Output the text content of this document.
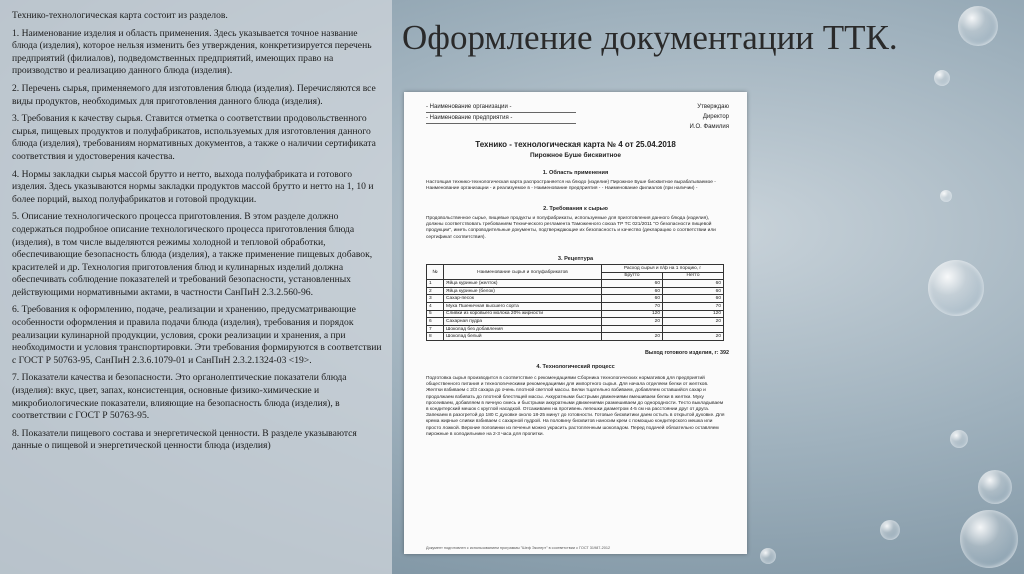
Технико-технологическая карта состоит из разделов.

1. Наименование изделия и область применения. Здесь указывается точное название блюда (изделия), которое нельзя изменить без утверждения, конкретизируется перечень предприятий (филиалов), подведомственных предприятий, имеющих право на производство и реализацию данного блюда (изделия).

2. Перечень сырья, применяемого для изготовления блюда (изделия). Перечисляются все виды продуктов, необходимых для приготовления данного блюда (изделия).

3. Требования к качеству сырья. Ставится отметка о соответствии продовольственного сырья, пищевых продуктов и полуфабрикатов, используемых для изготовления данного блюда (изделия), требованиям нормативных документов, а также о наличии сертификата соответствия и удостоверения качества.

4. Нормы закладки сырья массой брутто и нетто, выхода полуфабриката и готового изделия. Здесь указываются нормы закладки продуктов массой брутто и нетто на 1, 10 и более порций, выход полуфабрикатов и готовой продукции.

5. Описание технологического процесса приготовления. В этом разделе должно содержаться подробное описание технологического процесса приготовления блюда (изделия), в том числе выделяются режимы холодной и тепловой обработки, обеспечивающие безопасность блюда (изделия), а также применение пищевых добавок, красителей и др. Технология приготовления блюд и кулинарных изделий должна обеспечивать соблюдение показателей и требований безопасности, установленных действующими нормативными актами, в частности СанПиН 2.3.2.560-96.

6. Требования к оформлению, подаче, реализации и хранению, предусматривающие особенности оформления и правила подачи блюда (изделия), требования и порядок реализации кулинарной продукции, условия, сроки реализации и хранения, а при необходимости и условия транспортировки. Эти требования формируются в соответствии с ГОСТ Р 50763-95, СанПиН 2.3.6.1079-01 и СанПиН 2.3.2.1324-03 <19>.

7. Показатели качества и безопасности. Это органолептические показатели блюда (изделия): вкус, цвет, запах, консистенция, основные физико-химические и микробиологические показатели, влияющие на безопасность блюда (изделия), в соответствии с ГОСТ Р 50763-95.

8. Показатели пищевого состава и энергетической ценности. В разделе указываются данные о пищевой и энергетической ценности блюда (изделия)

Оформление документации ТТК.
- Наименование организации -
- Наименование предприятия -
Утверждаю
Директор
И.О. Фамилия
Технико - технологическая карта № 4 от 25.04.2018
Пирожное Буше бисквитное
1. Область применения
Настоящая технико-технологическая карта распространяется на блюдо (изделие) Пирожное Буше бисквитное вырабатываемое - Наименование организации - и реализуемое в - Наименование предприятия - - Наименование филиалов (при наличии) -
2. Требования к сырью
Продовольственное сырье, пищевые продукты и полуфабрикаты, используемые для приготовления данного блюда (изделия), должны соответствовать требованиям Технического регламента Таможенного союза ТР ТС 021/2011 "О безопасности пищевой продукции", иметь сопроводительные документы, подтверждающие их безопасность и качество (декларацию о соответствии или сертификат соответствия).
3. Рецептура
№	Наименование сырья и полуфабрикатов	Расход сырья и п/ф на 1 порцию, г	
		Брутто	Нетто
1	Яйца куриные (желток)	60	60
2	Яйца куриные (белок)	60	60
3	Сахар-песок	60	60
4	Мука Пшеничная высшего сорта	70	70
5	Сливки из коровьего молока 20% жирности	120	120
6	Сахарная пудра	20	20
7	Шоколад без добавления		
8	Шоколад белый	20	20
Выход готового изделия, г: 392
4. Технологический процесс
Подготовка сырья производится в соответствие с рекомендациями Сборника технологических нормативов для предприятий общественного питания и технологическими рекомендациями для импортного сырья. Для начала отделяем белки от желтков. Желтки взбиваем с 2/3 сахара до очень плотной светлой массы. Белки тщательно взбиваем, добавляем оставшийся сахар и продолжаем взбивать до плотной блестящей массы. Аккуратными быстрыми движениями вмешиваем белки в желтки. Муку просеиваем, добавляем в яичную смесь и быстрыми аккуратными движениями размешиваем до однородности. Тесто выкладываем в кондитерский мешок с круглой насадкой. Отсаживаем на противень лепешки диаметром 4-5 см на расстоянии друг от друга. Запекаем в разогретой до 180 С духовке около 18-25 минут до готовности. Готовые бисквитики даем остыть в открытой духовке. Для крема жирные сливки взбиваем с сахарной пудрой. На половину бисквитов наносим крем с помощью кондитерского мешка или просто ложкой. Верхние половинки из печенья можно украсить растопленным шоколадом. Перед подачей обязательно оставляем пирожные в холодильнике на 2-3 часа для пропитки.
Документ подготовлен с использованием программы "Шеф Эксперт" в соответствии с ГОСТ 31987-2012
